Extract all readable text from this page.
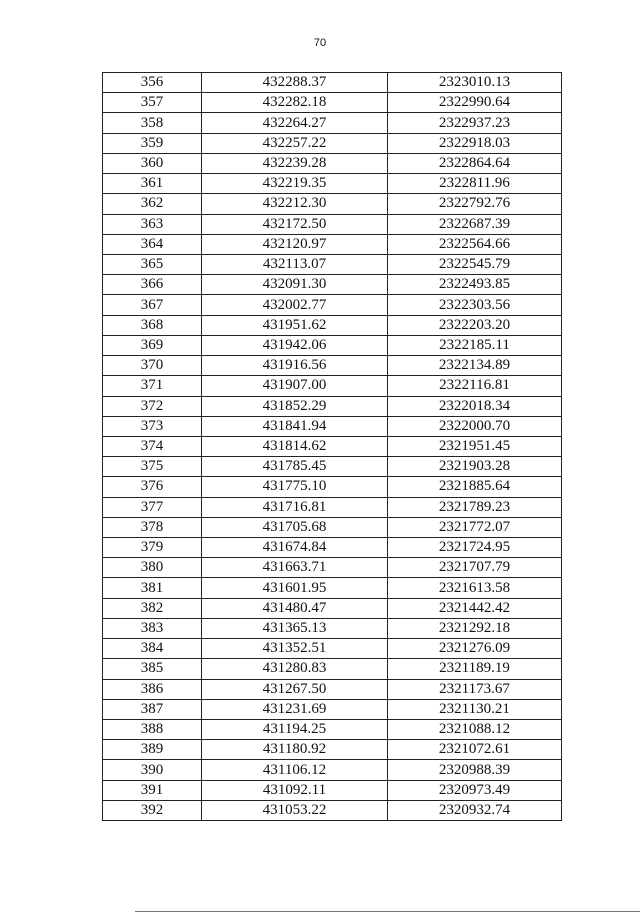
70
356	432288.37	2323010.13
357	432282.18	2322990.64
358	432264.27	2322937.23
359	432257.22	2322918.03
360	432239.28	2322864.64
361	432219.35	2322811.96
362	432212.30	2322792.76
363	432172.50	2322687.39
364	432120.97	2322564.66
365	432113.07	2322545.79
366	432091.30	2322493.85
367	432002.77	2322303.56
368	431951.62	2322203.20
369	431942.06	2322185.11
370	431916.56	2322134.89
371	431907.00	2322116.81
372	431852.29	2322018.34
373	431841.94	2322000.70
374	431814.62	2321951.45
375	431785.45	2321903.28
376	431775.10	2321885.64
377	431716.81	2321789.23
378	431705.68	2321772.07
379	431674.84	2321724.95
380	431663.71	2321707.79
381	431601.95	2321613.58
382	431480.47	2321442.42
383	431365.13	2321292.18
384	431352.51	2321276.09
385	431280.83	2321189.19
386	431267.50	2321173.67
387	431231.69	2321130.21
388	431194.25	2321088.12
389	431180.92	2321072.61
390	431106.12	2320988.39
391	431092.11	2320973.49
392	431053.22	2320932.74
